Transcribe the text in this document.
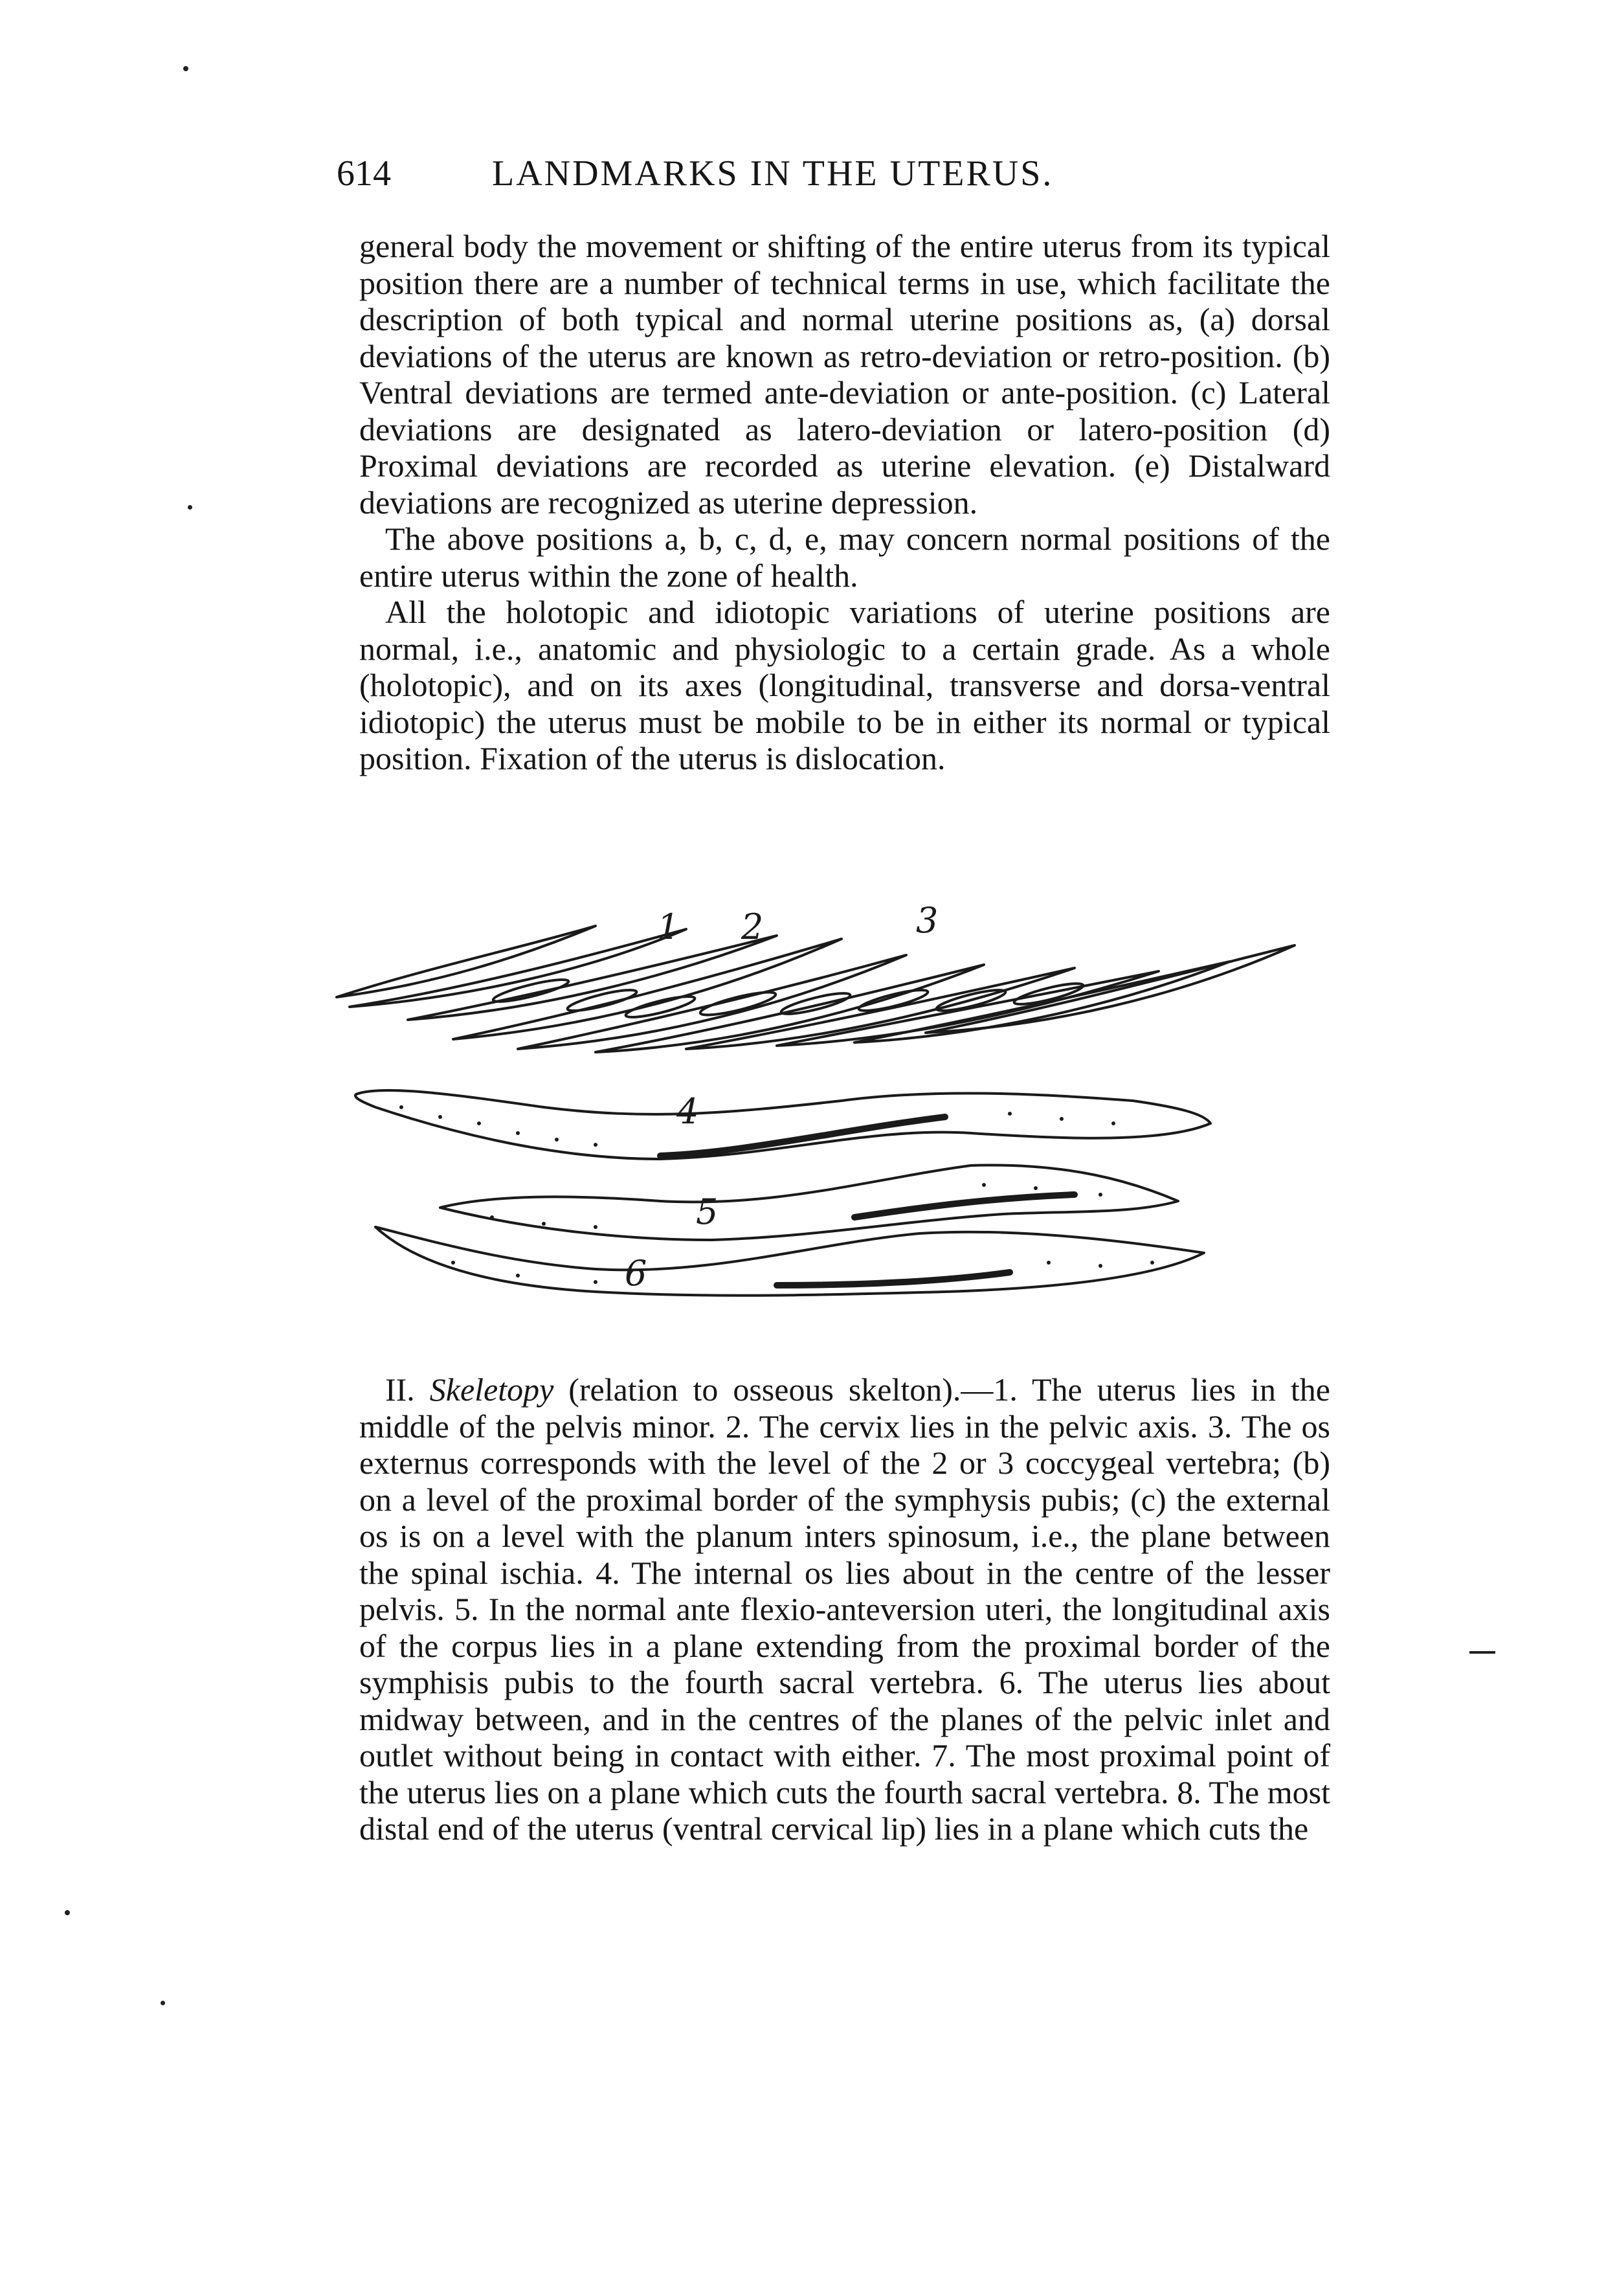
614	LANDMARKS IN THE UTERUS.

general body the movement or shifting of the entire uterus from its typical position there are a number of technical terms in use, which facilitate the description of both typical and normal uterine positions as, (a) dorsal deviations of the uterus are known as retro-deviation or retro-position. (b) Ventral deviations are termed ante-deviation or ante-position. (c) Lateral deviations are designated as latero-deviation or latero-position (d) Proximal deviations are recorded as uterine elevation. (e) Distalward deviations are recognized as uterine depression.

The above positions a, b, c, d, e, may concern normal positions of the entire uterus within the zone of health.

All the holotopic and idiotopic variations of uterine positions are normal, i.e., anatomic and physiologic to a certain grade. As a whole (holotopic), and on its axes (longitudinal, transverse and dorsa-ventral idiotopic) the uterus must be mobile to be in either its normal or typical position. Fixation of the uterus is dislocation.

1 2	3
4
5
6

II. Skeletopy (relation to osseous skelton).—1. The uterus lies in the middle of the pelvis minor. 2. The cervix lies in the pelvic axis. 3. The os externus corresponds with the level of the 2 or 3 coccygeal vertebra; (b) on a level of the proximal border of the symphysis pubis; (c) the external os is on a level with the planum inters spinosum, i.e., the plane between the spinal ischia. 4. The internal os lies about in the centre of the lesser pelvis. 5. In the normal ante flexio-anteversion uteri, the longitudinal axis of the corpus lies in a plane extending from the proximal border of the symphisis pubis to the fourth sacral vertebra. 6. The uterus lies about midway between, and in the centres of the planes of the pelvic inlet and outlet without being in contact with either. 7. The most proximal point of the uterus lies on a plane which cuts the fourth sacral vertebra. 8. The most distal end of the uterus (ventral cervical lip) lies in a plane which cuts the
